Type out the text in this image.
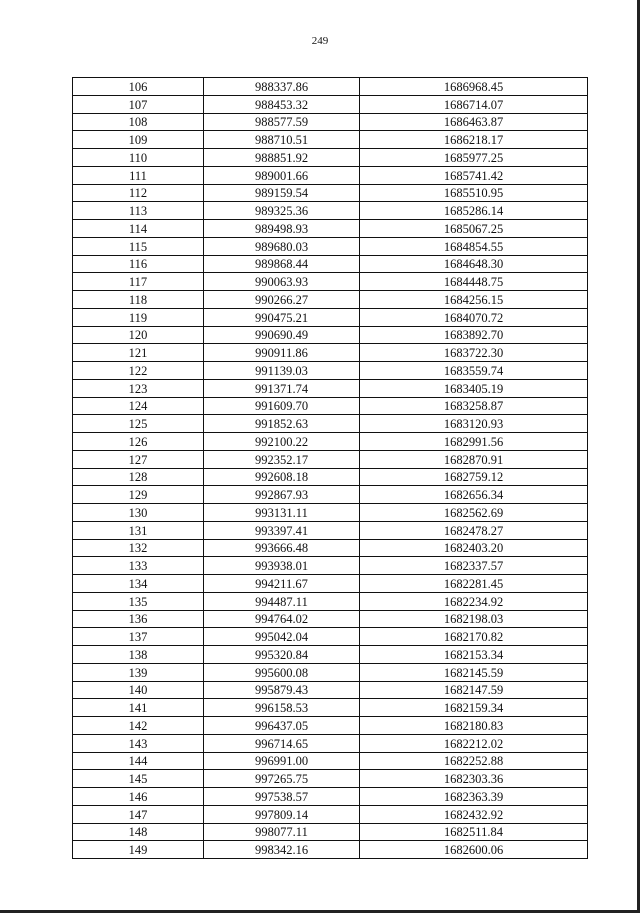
249
106	988337.86	1686968.45
107	988453.32	1686714.07
108	988577.59	1686463.87
109	988710.51	1686218.17
110	988851.92	1685977.25
111	989001.66	1685741.42
112	989159.54	1685510.95
113	989325.36	1685286.14
114	989498.93	1685067.25
115	989680.03	1684854.55
116	989868.44	1684648.30
117	990063.93	1684448.75
118	990266.27	1684256.15
119	990475.21	1684070.72
120	990690.49	1683892.70
121	990911.86	1683722.30
122	991139.03	1683559.74
123	991371.74	1683405.19
124	991609.70	1683258.87
125	991852.63	1683120.93
126	992100.22	1682991.56
127	992352.17	1682870.91
128	992608.18	1682759.12
129	992867.93	1682656.34
130	993131.11	1682562.69
131	993397.41	1682478.27
132	993666.48	1682403.20
133	993938.01	1682337.57
134	994211.67	1682281.45
135	994487.11	1682234.92
136	994764.02	1682198.03
137	995042.04	1682170.82
138	995320.84	1682153.34
139	995600.08	1682145.59
140	995879.43	1682147.59
141	996158.53	1682159.34
142	996437.05	1682180.83
143	996714.65	1682212.02
144	996991.00	1682252.88
145	997265.75	1682303.36
146	997538.57	1682363.39
147	997809.14	1682432.92
148	998077.11	1682511.84
149	998342.16	1682600.06
